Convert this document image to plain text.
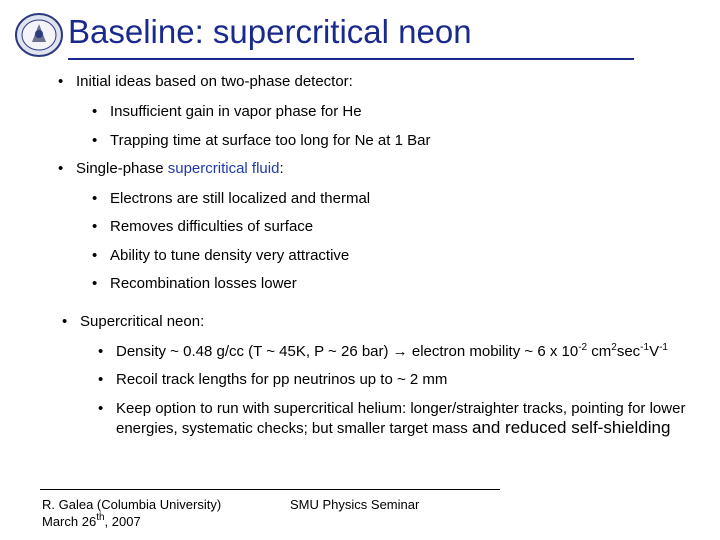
Baseline: supercritical neon
• Initial ideas based on two-phase detector:
• Insufficient gain in vapor phase for He
• Trapping time at surface too long for Ne at 1 Bar
• Single-phase supercritical fluid:
• Electrons are still localized and thermal
• Removes difficulties of surface
• Ability to tune density very attractive
• Recombination losses lower
• Supercritical neon:
• Density ~ 0.48 g/cc (T ~ 45K, P ~ 26 bar) → electron mobility ~ 6 x $10^{-2}$ $cm^2\sec^{-1}V^{-1}$
• Recoil track lengths for pp neutrinos up to ~ 2 mm
• Keep option to run with supercritical helium: longer/straighter tracks, pointing for lower energies, systematic checks; but smaller target mass and reduced self-shielding
R. Galea (Columbia University)
March 26th, 2007
SMU Physics Seminar
